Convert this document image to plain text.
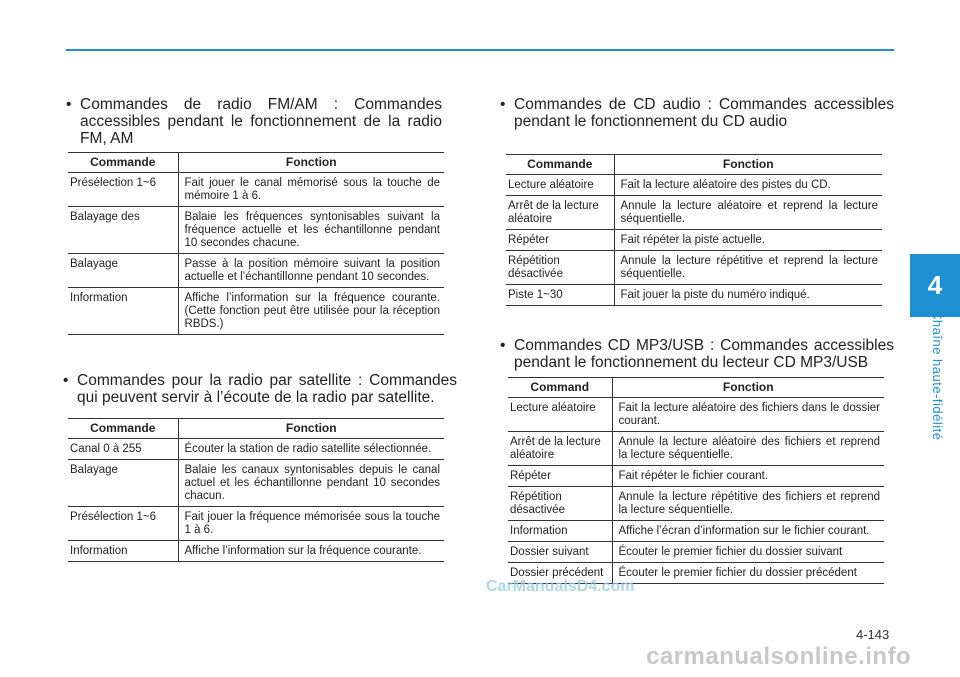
4
Chaîne haute-fidélité
• Commandes de radio FM/AM : Commandes accessibles pendant le fonctionnement de la radio FM, AM
Commande	Fonction
Présélection 1~6	Fait jouer le canal mémorisé sous la touche de mémoire 1 à 6.
Balayage des	Balaie les fréquences syntonisables suivant la fréquence actuelle et les échantillonne pendant 10 secondes chacune.
Balayage	Passe à la position mémoire suivant la position actuelle et l’échantillonne pendant 10 secondes.
Information	Affiche l’information sur la fréquence courante. (Cette fonction peut être utilisée pour la réception RBDS.)
• Commandes pour la radio par satellite : Commandes qui peuvent servir à l’écoute de la radio par satellite.
Commande	Fonction
Canal 0 à 255	Écouter la station de radio satellite sélectionnée.
Balayage	Balaie les canaux syntonisables depuis le canal actuel et les échantillonne pendant 10 secondes chacun.
Présélection 1~6	Fait jouer la fréquence mémorisée sous la touche 1 à 6.
Information	Affiche l’information sur la fréquence courante.
• Commandes de CD audio : Commandes accessibles pendant le fonctionnement du CD audio
Commande	Fonction
Lecture aléatoire	Fait la lecture aléatoire des pistes du CD.
Arrêt de la lecture aléatoire	Annule la lecture aléatoire et reprend la lecture séquentielle.
Répéter	Fait répéter la piste actuelle.
Répétition désactivée	Annule la lecture répétitive et reprend la lecture séquentielle.
Piste 1~30	Fait jouer la piste du numéro indiqué.
• Commandes CD MP3/USB : Commandes accessibles pendant le fonctionnement du lecteur CD MP3/USB
Command	Fonction
Lecture aléatoire	Fait la lecture aléatoire des fichiers dans le dossier courant.
Arrêt de la lecture aléatoire	Annule la lecture aléatoire des fichiers et reprend la lecture séquentielle.
Répéter	Fait répéter le fichier courant.
Répétition désactivée	Annule la lecture répétitive des fichiers et reprend la lecture séquentielle.
Information	Affiche l’écran d’information sur le fichier courant.
Dossier suivant	Écouter le premier fichier du dossier suivant
Dossier précédent	Écouter le premier fichier du dossier précédent
CarManualsD4.com
4-143
carmanualsonline.info
